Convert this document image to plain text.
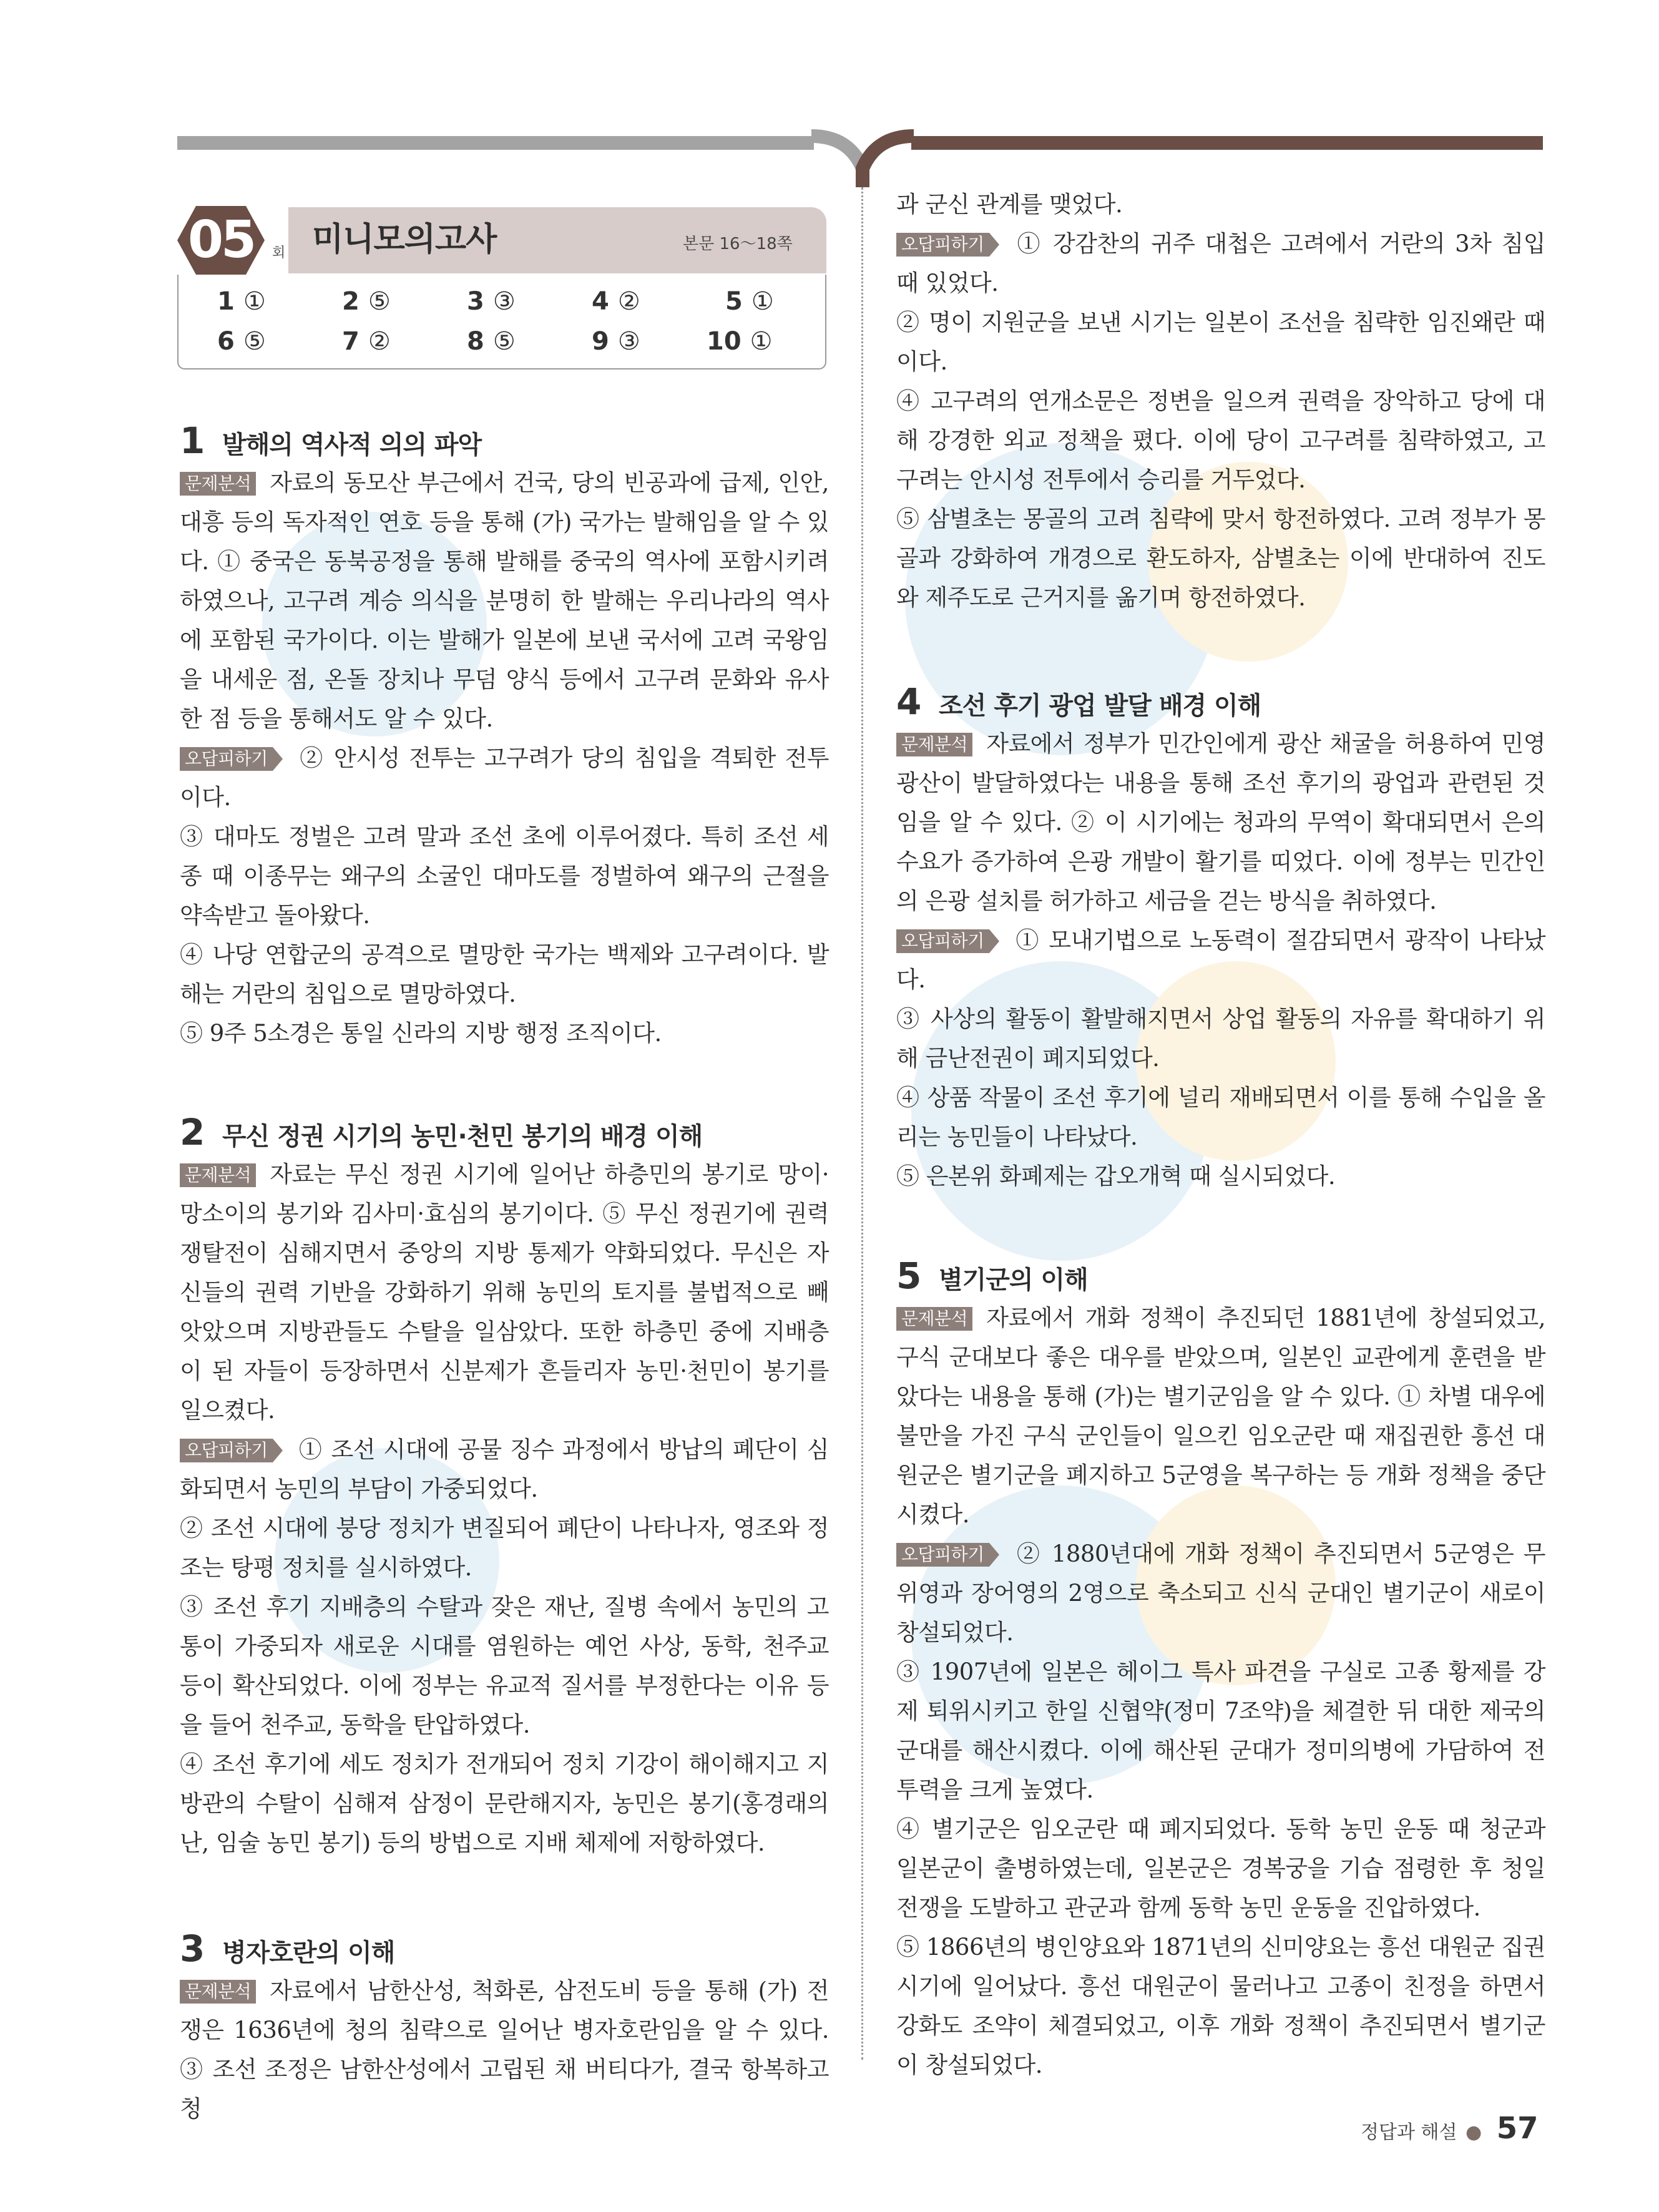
05	회 미니모의고사	본문 16～18쪽
1 ①	2 ⑤	3 ③	4 ②	5 ①
6 ⑤	7 ②	8 ⑤	9 ③	10 ①
1 발해의 역사적 의의 파악

문제분석 자료의 동모산 부근에서 건국, 당의 빈공과에 급제, 인안, 대흥 등의 독자적인 연호 등을 통해 (가) 국가는 발해임을 알 수 있다. ① 중국은 동북공정을 통해 발해를 중국의 역사에 포함시키려 하였으나, 고구려 계승 의식을 분명히 한 발해는 우리나라의 역사에 포함된 국가이다. 이는 발해가 일본에 보낸 국서에 고려 국왕임을 내세운 점, 온돌 장치나 무덤 양식 등에서 고구려 문화와 유사한 점 등을 통해서도 알 수 있다.

오답피하기 ② 안시성 전투는 고구려가 당의 침입을 격퇴한 전투이다.

③ 대마도 정벌은 고려 말과 조선 초에 이루어졌다. 특히 조선 세종 때 이종무는 왜구의 소굴인 대마도를 정벌하여 왜구의 근절을 약속받고 돌아왔다.

④ 나당 연합군의 공격으로 멸망한 국가는 백제와 고구려이다. 발해는 거란의 침입으로 멸망하였다.

⑤ 9주 5소경은 통일 신라의 지방 행정 조직이다.

2 무신 정권 시기의 농민·천민 봉기의 배경 이해

문제분석 자료는 무신 정권 시기에 일어난 하층민의 봉기로 망이·망소이의 봉기와 김사미·효심의 봉기이다. ⑤ 무신 정권기에 권력 쟁탈전이 심해지면서 중앙의 지방 통제가 약화되었다. 무신은 자신들의 권력 기반을 강화하기 위해 농민의 토지를 불법적으로 빼앗았으며 지방관들도 수탈을 일삼았다. 또한 하층민 중에 지배층이 된 자들이 등장하면서 신분제가 흔들리자 농민·천민이 봉기를 일으켰다.

오답피하기 ① 조선 시대에 공물 징수 과정에서 방납의 폐단이 심화되면서 농민의 부담이 가중되었다.

② 조선 시대에 붕당 정치가 변질되어 폐단이 나타나자, 영조와 정조는 탕평 정치를 실시하였다.

③ 조선 후기 지배층의 수탈과 잦은 재난, 질병 속에서 농민의 고통이 가중되자 새로운 시대를 염원하는 예언 사상, 동학, 천주교 등이 확산되었다. 이에 정부는 유교적 질서를 부정한다는 이유 등을 들어 천주교, 동학을 탄압하였다.

④ 조선 후기에 세도 정치가 전개되어 정치 기강이 해이해지고 지방관의 수탈이 심해져 삼정이 문란해지자, 농민은 봉기(홍경래의 난, 임술 농민 봉기) 등의 방법으로 지배 체제에 저항하였다.

3 병자호란의 이해

문제분석 자료에서 남한산성, 척화론, 삼전도비 등을 통해 (가) 전쟁은 1636년에 청의 침략으로 일어난 병자호란임을 알 수 있다. ③ 조선 조정은 남한산성에서 고립된 채 버티다가, 결국 항복하고 청

과 군신 관계를 맺었다.

오답피하기 ① 강감찬의 귀주 대첩은 고려에서 거란의 3차 침입 때 있었다.

② 명이 지원군을 보낸 시기는 일본이 조선을 침략한 임진왜란 때이다.

④ 고구려의 연개소문은 정변을 일으켜 권력을 장악하고 당에 대해 강경한 외교 정책을 폈다. 이에 당이 고구려를 침략하였고, 고구려는 안시성 전투에서 승리를 거두었다.

⑤ 삼별초는 몽골의 고려 침략에 맞서 항전하였다. 고려 정부가 몽골과 강화하여 개경으로 환도하자, 삼별초는 이에 반대하여 진도와 제주도로 근거지를 옮기며 항전하였다.

4 조선 후기 광업 발달 배경 이해

문제분석 자료에서 정부가 민간인에게 광산 채굴을 허용하여 민영 광산이 발달하였다는 내용을 통해 조선 후기의 광업과 관련된 것임을 알 수 있다. ② 이 시기에는 청과의 무역이 확대되면서 은의 수요가 증가하여 은광 개발이 활기를 띠었다. 이에 정부는 민간인의 은광 설치를 허가하고 세금을 걷는 방식을 취하였다.

오답피하기 ① 모내기법으로 노동력이 절감되면서 광작이 나타났다.

③ 사상의 활동이 활발해지면서 상업 활동의 자유를 확대하기 위해 금난전권이 폐지되었다.

④ 상품 작물이 조선 후기에 널리 재배되면서 이를 통해 수입을 올리는 농민들이 나타났다.

⑤ 은본위 화폐제는 갑오개혁 때 실시되었다.

5 별기군의 이해

문제분석 자료에서 개화 정책이 추진되던 1881년에 창설되었고, 구식 군대보다 좋은 대우를 받았으며, 일본인 교관에게 훈련을 받았다는 내용을 통해 (가)는 별기군임을 알 수 있다. ① 차별 대우에 불만을 가진 구식 군인들이 일으킨 임오군란 때 재집권한 흥선 대원군은 별기군을 폐지하고 5군영을 복구하는 등 개화 정책을 중단시켰다.

오답피하기 ② 1880년대에 개화 정책이 추진되면서 5군영은 무위영과 장어영의 2영으로 축소되고 신식 군대인 별기군이 새로이 창설되었다.

③ 1907년에 일본은 헤이그 특사 파견을 구실로 고종 황제를 강제 퇴위시키고 한일 신협약(정미 7조약)을 체결한 뒤 대한 제국의 군대를 해산시켰다. 이에 해산된 군대가 정미의병에 가담하여 전투력을 크게 높였다.

④ 별기군은 임오군란 때 폐지되었다. 동학 농민 운동 때 청군과 일본군이 출병하였는데, 일본군은 경복궁을 기습 점령한 후 청일 전쟁을 도발하고 관군과 함께 동학 농민 운동을 진압하였다.

⑤ 1866년의 병인양요와 1871년의 신미양요는 흥선 대원군 집권 시기에 일어났다. 흥선 대원군이 물러나고 고종이 친정을 하면서 강화도 조약이 체결되었고, 이후 개화 정책이 추진되면서 별기군이 창설되었다.

정답과 해설 ● 57
